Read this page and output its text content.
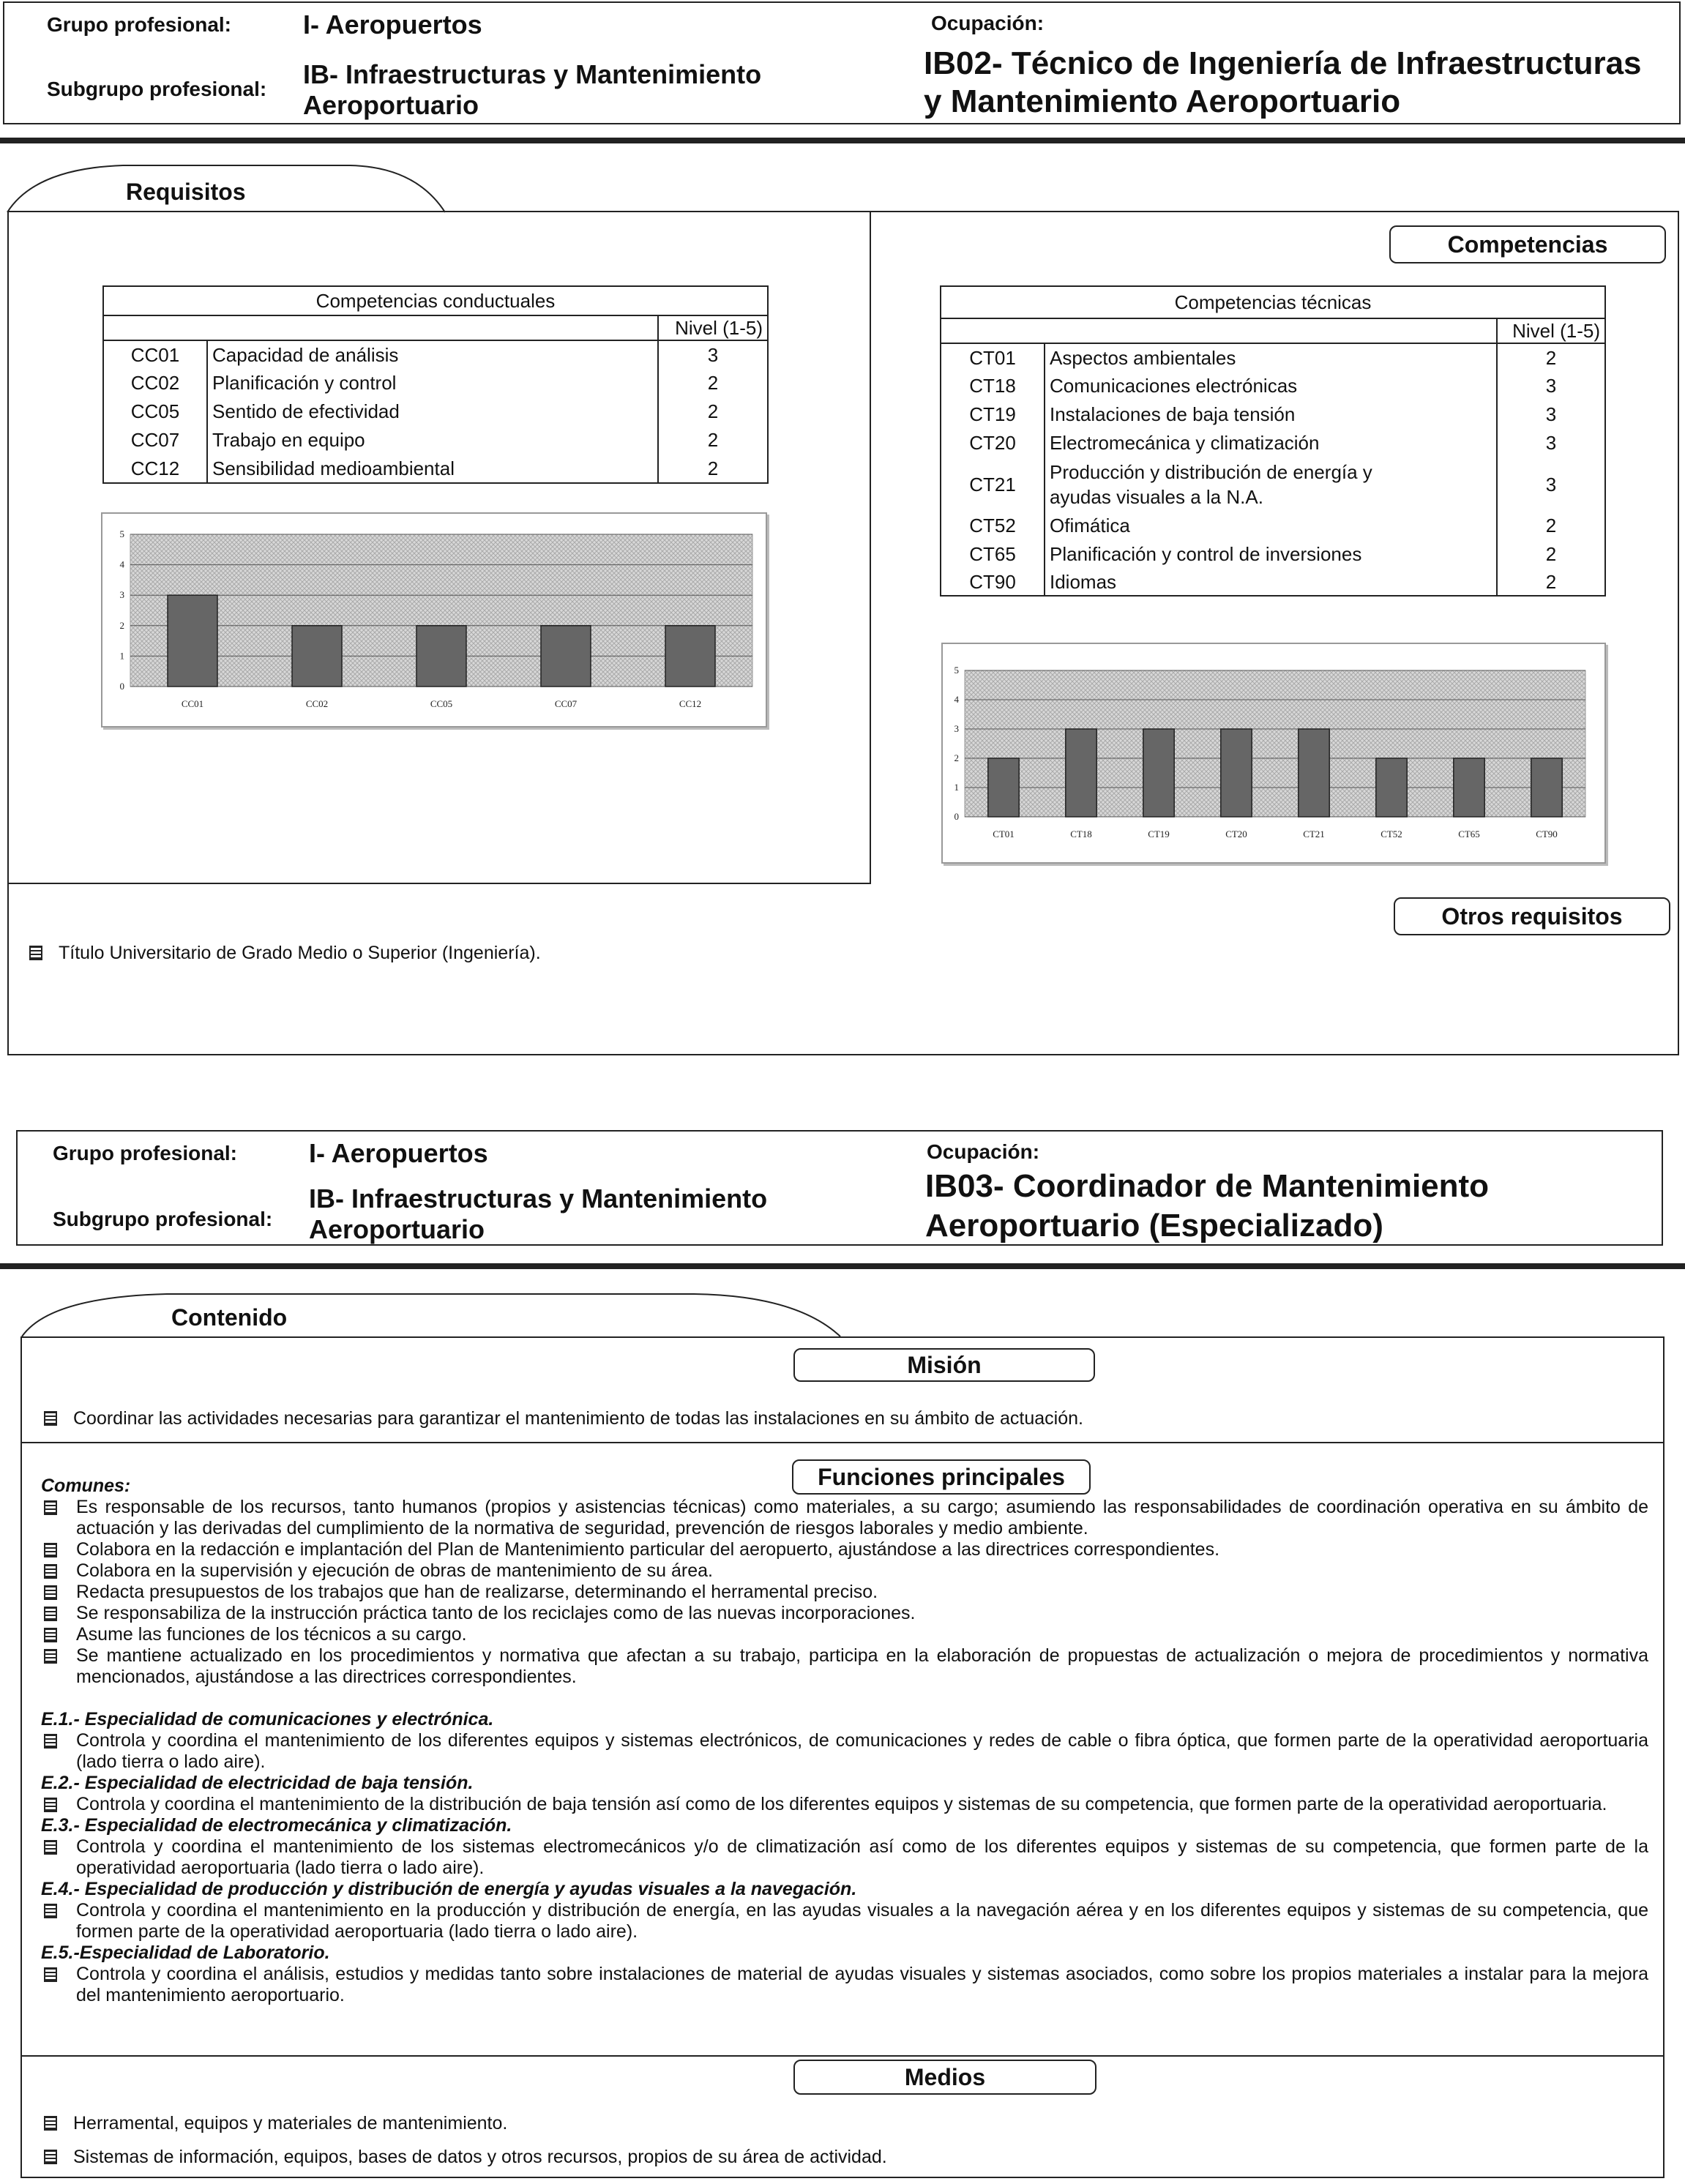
Grupo profesional:	I- Aeropuertos
Subgrupo profesional: IB- Infraestructuras y Mantenimiento
Aeroportuario
Ocupación:
IB02- Técnico de Ingeniería de Infraestructuras
y Mantenimiento Aeroportuario
Requisitos
Competencias
Competencias conductuales		
		Nivel (1-5)
CC01	Capacidad de análisis	3
CC02	Planificación y control	2
CC05	Sentido de efectividad	2
CC07	Trabajo en equipo	2
CC12	Sensibilidad medioambiental	2
0
1
2
3
4
5
CC01	CC02	CC05	CC07	CC12
Competencias técnicas		
		Nivel (1-5)
CT01	Aspectos ambientales	2
CT18	Comunicaciones electrónicas	3
CT19	Instalaciones de baja tensión	3
CT20	Electromecánica y climatización	3
CT21	Producción y distribución de energía y
ayudas visuales a la N.A.	3
CT52	Ofimática	2
CT65	Planificación y control de inversiones	2
CT90	Idiomas	2
0
1
2
3
4
5
CT01	CT18	CT19	CT20	CT21	CT52	CT65	CT90
Otros requisitos
Título Universitario de Grado Medio o Superior (Ingeniería).
Grupo profesional:	I- Aeropuertos
Subgrupo profesional:
IB- Infraestructuras y Mantenimiento
Aeroportuario
Ocupación:
IB03- Coordinador de Mantenimiento
Aeroportuario (Especializado)
Contenido
Misión
Coordinar las actividades necesarias para garantizar el mantenimiento de todas las instalaciones en su ámbito de actuación.
Funciones principales
Comunes:
Es responsable de los recursos, tanto humanos (propios y asistencias técnicas) como materiales, a su cargo; asumiendo las responsabilidades de coordinación operativa en su ámbito de actuación y las derivadas del cumplimiento de la normativa de seguridad, prevención de riesgos laborales y medio ambiente.
Colabora en la redacción e implantación del Plan de Mantenimiento particular del aeropuerto, ajustándose a las directrices correspondientes.
Colabora en la supervisión y ejecución de obras de mantenimiento de su área.
Redacta presupuestos de los trabajos que han de realizarse, determinando el herramental preciso.
Se responsabiliza de la instrucción práctica tanto de los reciclajes como de las nuevas incorporaciones.
Asume las funciones de los técnicos a su cargo.
Se mantiene actualizado en los procedimientos y normativa que afectan a su trabajo, participa en la elaboración de propuestas de actualización o mejora de procedimientos y normativa mencionados, ajustándose a las directrices correspondientes.
E.1.- Especialidad de comunicaciones y electrónica.
Controla y coordina el mantenimiento de los diferentes equipos y sistemas electrónicos, de comunicaciones y redes de cable o fibra óptica, que formen parte de la operatividad aeroportuaria (lado tierra o lado aire).
E.2.- Especialidad de electricidad de baja tensión.
Controla y coordina el mantenimiento de la distribución de baja tensión así como de los diferentes equipos y sistemas de su competencia, que formen parte de la operatividad aeroportuaria.
E.3.- Especialidad de electromecánica y climatización.
Controla y coordina el mantenimiento de los sistemas electromecánicos y/o de climatización así como de los diferentes equipos y sistemas de su competencia, que formen parte de la operatividad aeroportuaria (lado tierra o lado aire).
E.4.- Especialidad de producción y distribución de energía y ayudas visuales a la navegación.
Controla y coordina el mantenimiento en la producción y distribución de energía, en las ayudas visuales a la navegación aérea y en los diferentes equipos y sistemas de su competencia, que formen parte de la operatividad aeroportuaria (lado tierra o lado aire).
E.5.-Especialidad de Laboratorio.
Controla y coordina el análisis, estudios y medidas tanto sobre instalaciones de material de ayudas visuales y sistemas asociados, como sobre los propios materiales a instalar para la mejora del mantenimiento aeroportuario.
Medios
Herramental, equipos y materiales de mantenimiento.
Sistemas de información, equipos, bases de datos y otros recursos, propios de su área de actividad.
